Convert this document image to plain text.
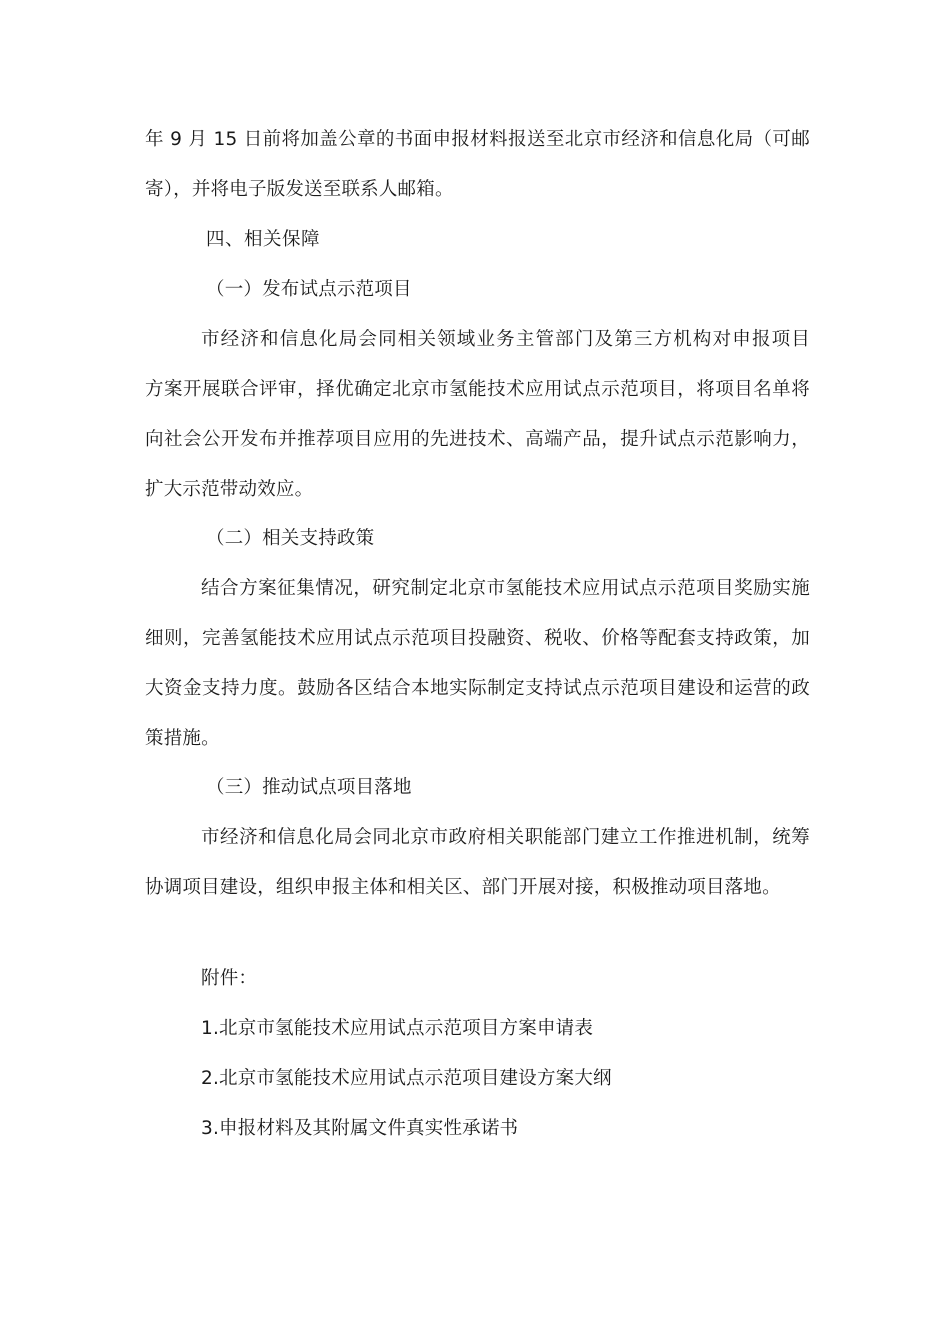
年 9 月 15 日前将加盖公章的书面申报材料报送至北京市经济和信息化局（可邮
寄），并将电子版发送至联系人邮箱。
四、相关保障
（一）发布试点示范项目
市经济和信息化局会同相关领域业务主管部门及第三方机构对申报项目
方案开展联合评审，择优确定北京市氢能技术应用试点示范项目，将项目名单将
向社会公开发布并推荐项目应用的先进技术、高端产品，提升试点示范影响力，
扩大示范带动效应。
（二）相关支持政策
结合方案征集情况，研究制定北京市氢能技术应用试点示范项目奖励实施
细则，完善氢能技术应用试点示范项目投融资、税收、价格等配套支持政策，加
大资金支持力度。鼓励各区结合本地实际制定支持试点示范项目建设和运营的政
策措施。
（三）推动试点项目落地
市经济和信息化局会同北京市政府相关职能部门建立工作推进机制，统筹
协调项目建设，组织申报主体和相关区、部门开展对接，积极推动项目落地。
附件：
1.北京市氢能技术应用试点示范项目方案申请表
2.北京市氢能技术应用试点示范项目建设方案大纲
3.申报材料及其附属文件真实性承诺书
